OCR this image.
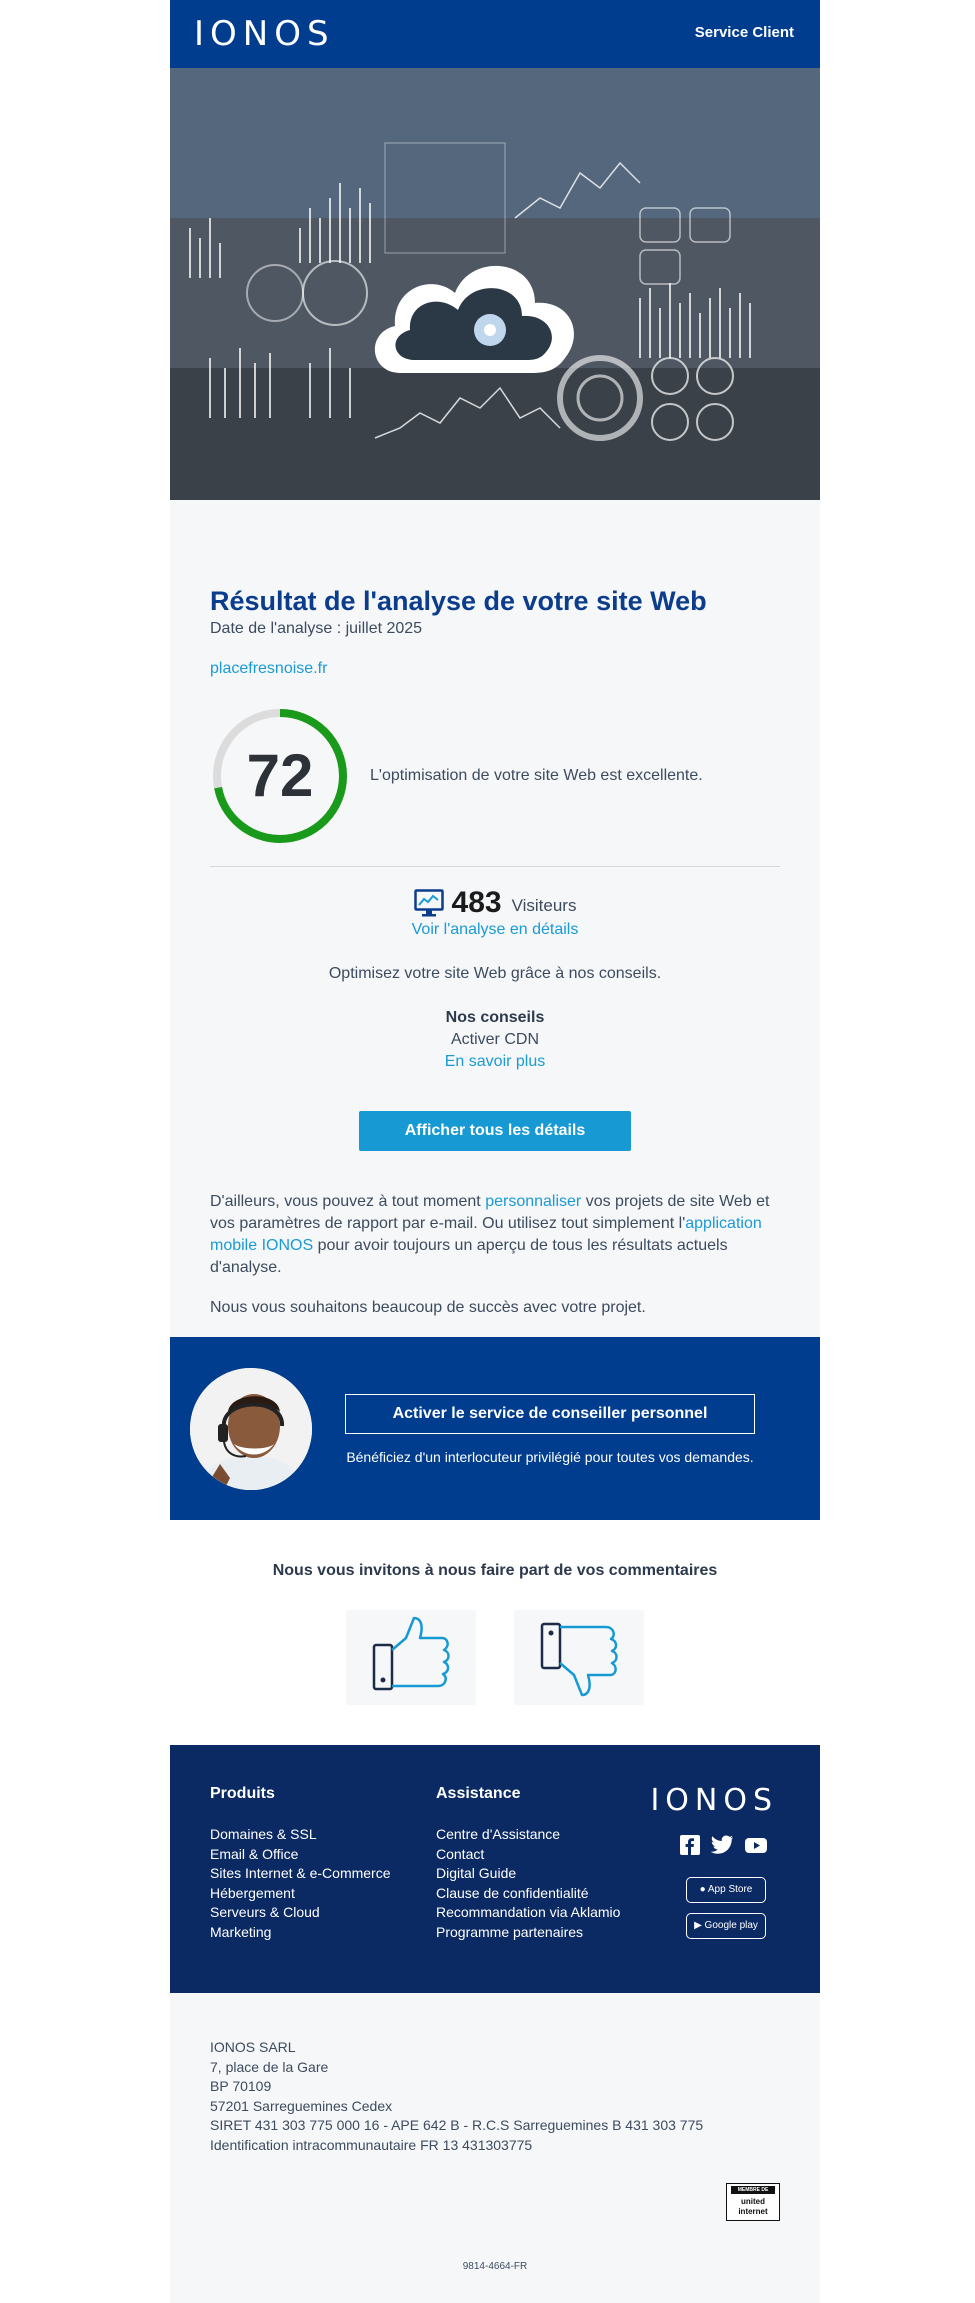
IONOS	Service Client
Résultat de l'analyse de votre site Web
Date de l'analyse : juillet 2025
placefresnoise.fr
72	L'optimisation de votre site Web est excellente.
483 Visiteurs
Voir l'analyse en détails
Optimisez votre site Web grâce à nos conseils.
Nos conseils
Activer CDN
En savoir plus
Afficher tous les détails
D'ailleurs, vous pouvez à tout moment personnaliser vos projets de site Web et vos paramètres de rapport par e-mail. Ou utilisez tout simplement l'application mobile IONOS pour avoir toujours un aperçu de tous les résultats actuels d'analyse.
Nous vous souhaitons beaucoup de succès avec votre projet.
Activer le service de conseiller personnel
Bénéficiez d'un interlocuteur privilégié pour toutes vos demandes.
Nous vous invitons à nous faire part de vos commentaires
Produits
Domaines & SSL
Email & Office
Sites Internet & e-Commerce
Hébergement
Serveurs & Cloud
Marketing
Assistance
Centre d'Assistance
Contact
Digital Guide
Clause de confidentialité
Recommandation via Aklamio
Programme partenaires
IONOS
● App Store
▶ Google play
IONOS SARL
7, place de la Gare
BP 70109
57201 Sarreguemines Cedex
SIRET 431 303 775 000 16 - APE 642 B - R.C.S Sarreguemines B 431 303 775
Identification intracommunautaire FR 13 431303775
MEMBRE DE
united internet
9814-4664-FR
